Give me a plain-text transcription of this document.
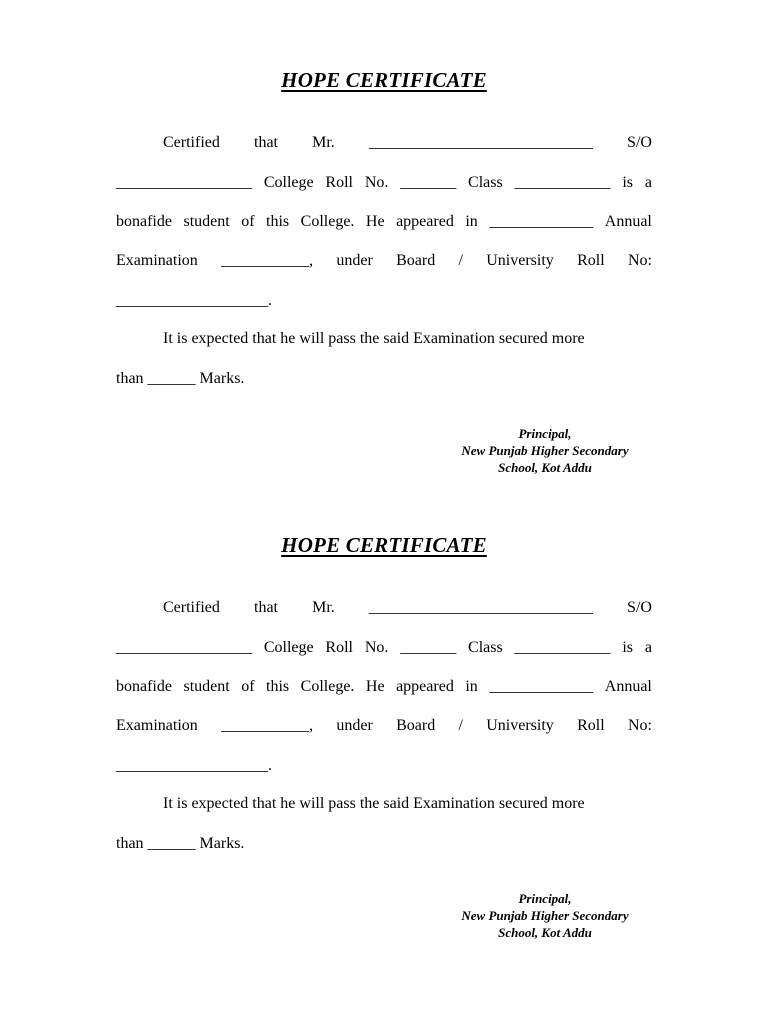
HOPE CERTIFICATE
Certified that Mr. ____________________________ S/O
_________________ College Roll No. _______ Class ____________ is a
bonafide student of this College. He appeared in _____________ Annual
Examination ___________, under Board / University Roll No:
___________________.
It is expected that he will pass the said Examination secured more
than ______ Marks.
Principal,
New Punjab Higher Secondary
School, Kot Addu
HOPE CERTIFICATE
Certified that Mr. ____________________________ S/O
_________________ College Roll No. _______ Class ____________ is a
bonafide student of this College. He appeared in _____________ Annual
Examination ___________, under Board / University Roll No:
___________________.
It is expected that he will pass the said Examination secured more
than ______ Marks.
Principal,
New Punjab Higher Secondary
School, Kot Addu
